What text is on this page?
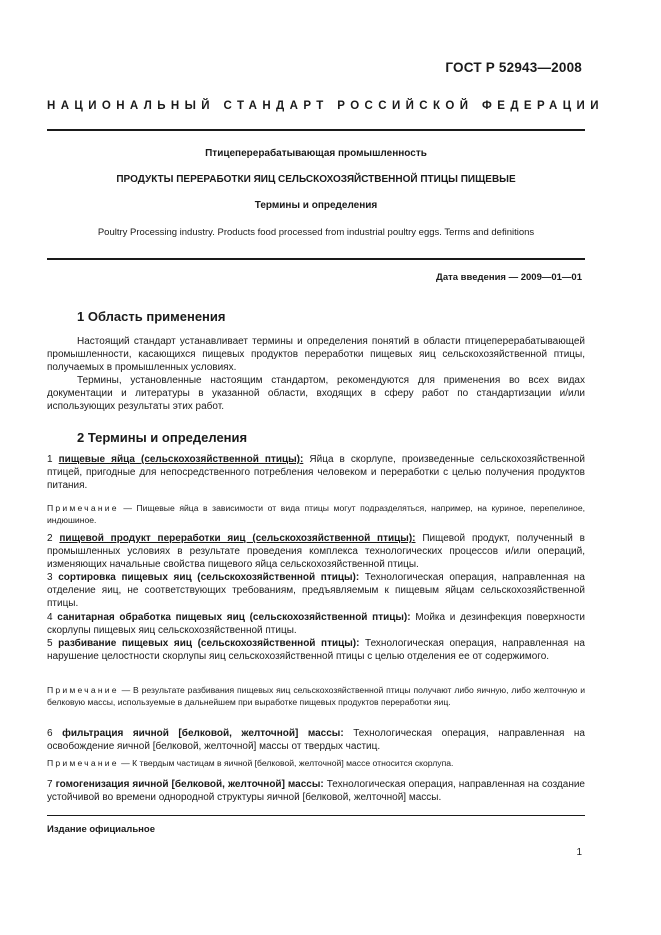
ГОСТ Р 52943—2008
НАЦИОНАЛЬНЫЙ СТАНДАРТ РОССИЙСКОЙ ФЕДЕРАЦИИ
Птицеперерабатывающая промышленность
ПРОДУКТЫ ПЕРЕРАБОТКИ ЯИЦ СЕЛЬСКОХОЗЯЙСТВЕННОЙ ПТИЦЫ ПИЩЕВЫЕ
Термины и определения
Poultry Processing industry. Products food processed from industrial poultry eggs. Terms and definitions
Дата введения — 2009—01—01
1 Область применения

Настоящий стандарт устанавливает термины и определения понятий в области птицеперерабатывающей промышленности, касающихся пищевых продуктов переработки пищевых яиц сельскохозяйственной птицы, получаемых в промышленных условиях.

Термины, установленные настоящим стандартом, рекомендуются для применения во всех видах документации и литературы в указанной области, входящих в сферу работ по стандартизации и/или использующих результаты этих работ.

2 Термины и определения

1 пищевые яйца (сельскохозяйственной птицы): Яйца в скорлупе, произведенные сельскохозяйственной птицей, пригодные для непосредственного потребления человеком и переработки с целью получения продуктов питания.

Примечание — Пищевые яйца в зависимости от вида птицы могут подразделяться, например, на куриное, перепелиное, индюшиное.

2 пищевой продукт переработки яиц (сельскохозяйственной птицы): Пищевой продукт, полученный в промышленных условиях в результате проведения комплекса технологических процессов и/или операций, изменяющих начальные свойства пищевого яйца сельскохозяйственной птицы.

3 сортировка пищевых яиц (сельскохозяйственной птицы): Технологическая операция, направленная на отделение яиц, не соответствующих требованиям, предъявляемым к пищевым яйцам сельскохозяйственной птицы.

4 санитарная обработка пищевых яиц (сельскохозяйственной птицы): Мойка и дезинфекция поверхности скорлупы пищевых яиц сельскохозяйственной птицы.

5 разбивание пищевых яиц (сельскохозяйственной птицы): Технологическая операция, направленная на нарушение целостности скорлупы яиц сельскохозяйственной птицы с целью отделения ее от содержимого.

Примечание — В результате разбивания пищевых яиц сельскохозяйственной птицы получают либо яичную, либо желточную и белковую массы, используемые в дальнейшем при выработке пищевых продуктов переработки яиц.

6 фильтрация яичной [белковой, желточной] массы: Технологическая операция, направленная на освобождение яичной [белковой, желточной] массы от твердых частиц.

Примечание — К твердым частицам в яичной [белковой, желточной] массе относится скорлупа.

7 гомогенизация яичной [белковой, желточной] массы: Технологическая операция, направленная на создание устойчивой во времени однородной структуры яичной [белковой, желточной] массы.

Издание официальное
1
